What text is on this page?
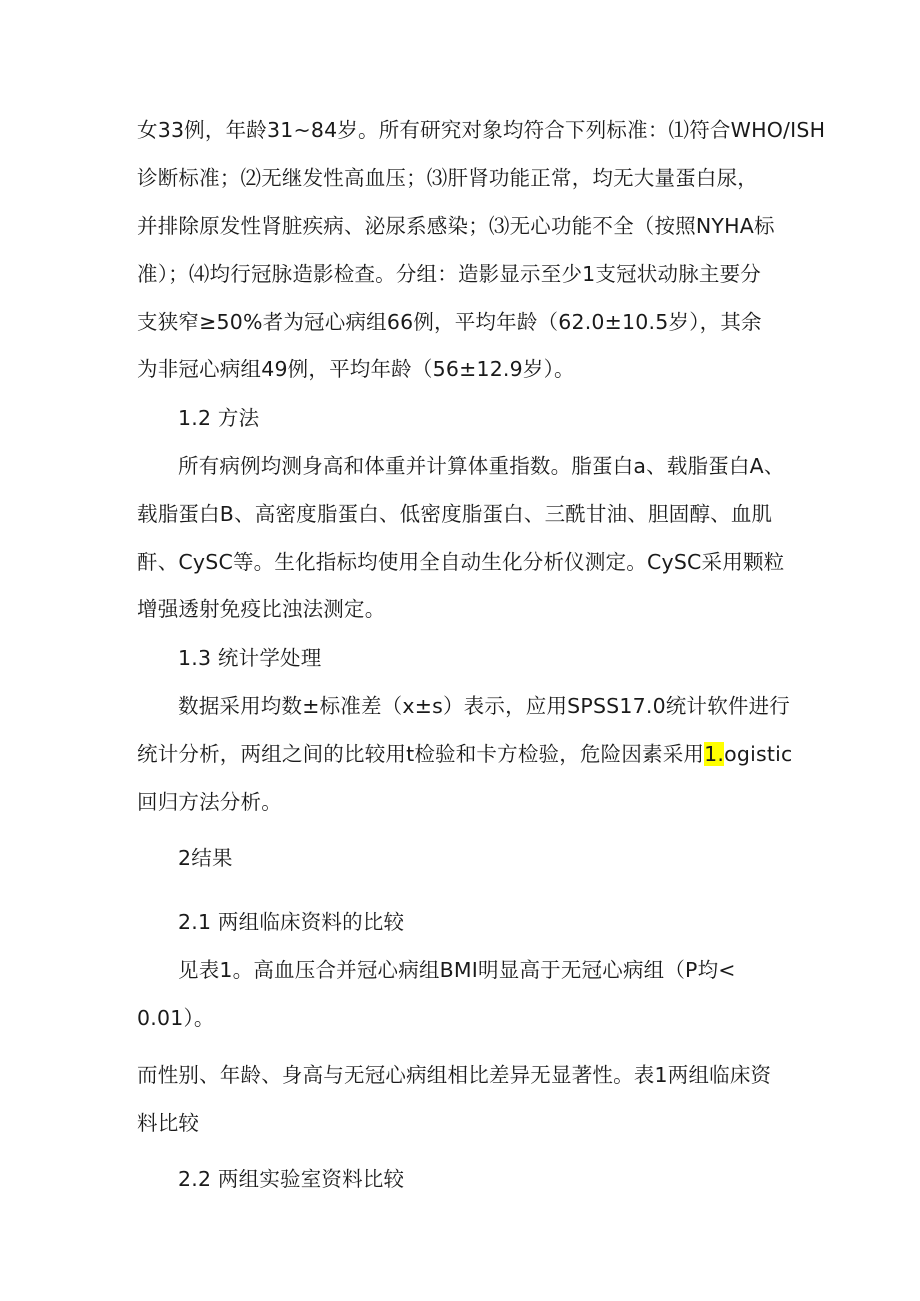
女33例，年龄31~84岁。所有研究对象均符合下列标准：⑴符合WHO/ISH
诊断标准；⑵无继发性高血压；⑶肝肾功能正常，均无大量蛋白尿，
并排除原发性肾脏疾病、泌尿系感染；⑶无心功能不全（按照NYHA标
准）；⑷均行冠脉造影检查。分组：造影显示至少1支冠状动脉主要分
支狭窄≥50%者为冠心病组66例，平均年龄（62.0±10.5岁），其余
为非冠心病组49例，平均年龄（56±12.9岁）。
1.2 方法
所有病例均测身高和体重并计算体重指数。脂蛋白a、载脂蛋白A、
载脂蛋白B、高密度脂蛋白、低密度脂蛋白、三酰甘油、胆固醇、血肌
酐、CySC等。生化指标均使用全自动生化分析仪测定。CySC采用颗粒
增强透射免疫比浊法测定。
1.3 统计学处理
数据采用均数±标准差（x±s）表示，应用SPSS17.0统计软件进行
统计分析，两组之间的比较用t检验和卡方检验，危险因素采用1.ogistic
回归方法分析。
2结果
2.1 两组临床资料的比较
见表1。高血压合并冠心病组BMI明显高于无冠心病组（P均<
0.01）。
而性别、年龄、身高与无冠心病组相比差异无显著性。表1两组临床资
料比较
2.2 两组实验室资料比较
